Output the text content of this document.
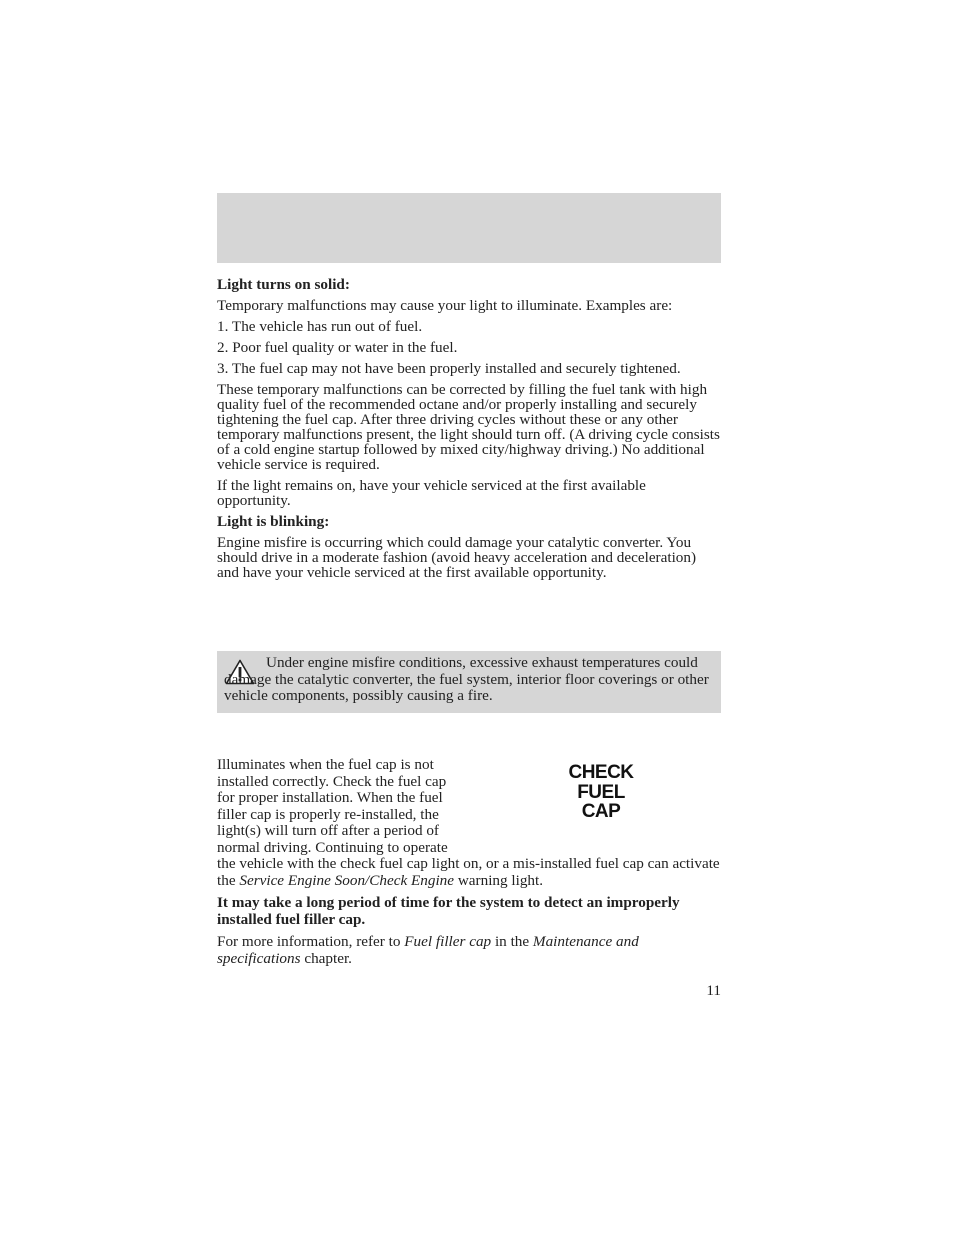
Light turns on solid:

Temporary malfunctions may cause your light to illuminate. Examples are:

1. The vehicle has run out of fuel.

2. Poor fuel quality or water in the fuel.

3. The fuel cap may not have been properly installed and securely tightened.

These temporary malfunctions can be corrected by filling the fuel tank with high quality fuel of the recommended octane and/or properly installing and securely tightening the fuel cap. After three driving cycles without these or any other temporary malfunctions present, the light should turn off. (A driving cycle consists of a cold engine startup followed by mixed city/highway driving.) No additional vehicle service is required.

If the light remains on, have your vehicle serviced at the first available opportunity.

Light is blinking:

Engine misfire is occurring which could damage your catalytic converter. You should drive in a moderate fashion (avoid heavy acceleration and deceleration) and have your vehicle serviced at the first available opportunity.

Under engine misfire conditions, excessive exhaust temperatures could damage the catalytic converter, the fuel system, interior floor coverings or other vehicle components, possibly causing a fire.
CHECK
FUEL
CAP
Illuminates when the fuel cap is not installed correctly. Check the fuel cap for proper installation. When the fuel filler cap is properly re-installed, the light(s) will turn off after a period of normal driving. Continuing to operate the vehicle with the check fuel cap light on, or a mis-installed fuel cap can activate the Service Engine Soon/Check Engine warning light.

It may take a long period of time for the system to detect an improperly installed fuel filler cap.

For more information, refer to Fuel filler cap in the Maintenance and specifications chapter.

11
